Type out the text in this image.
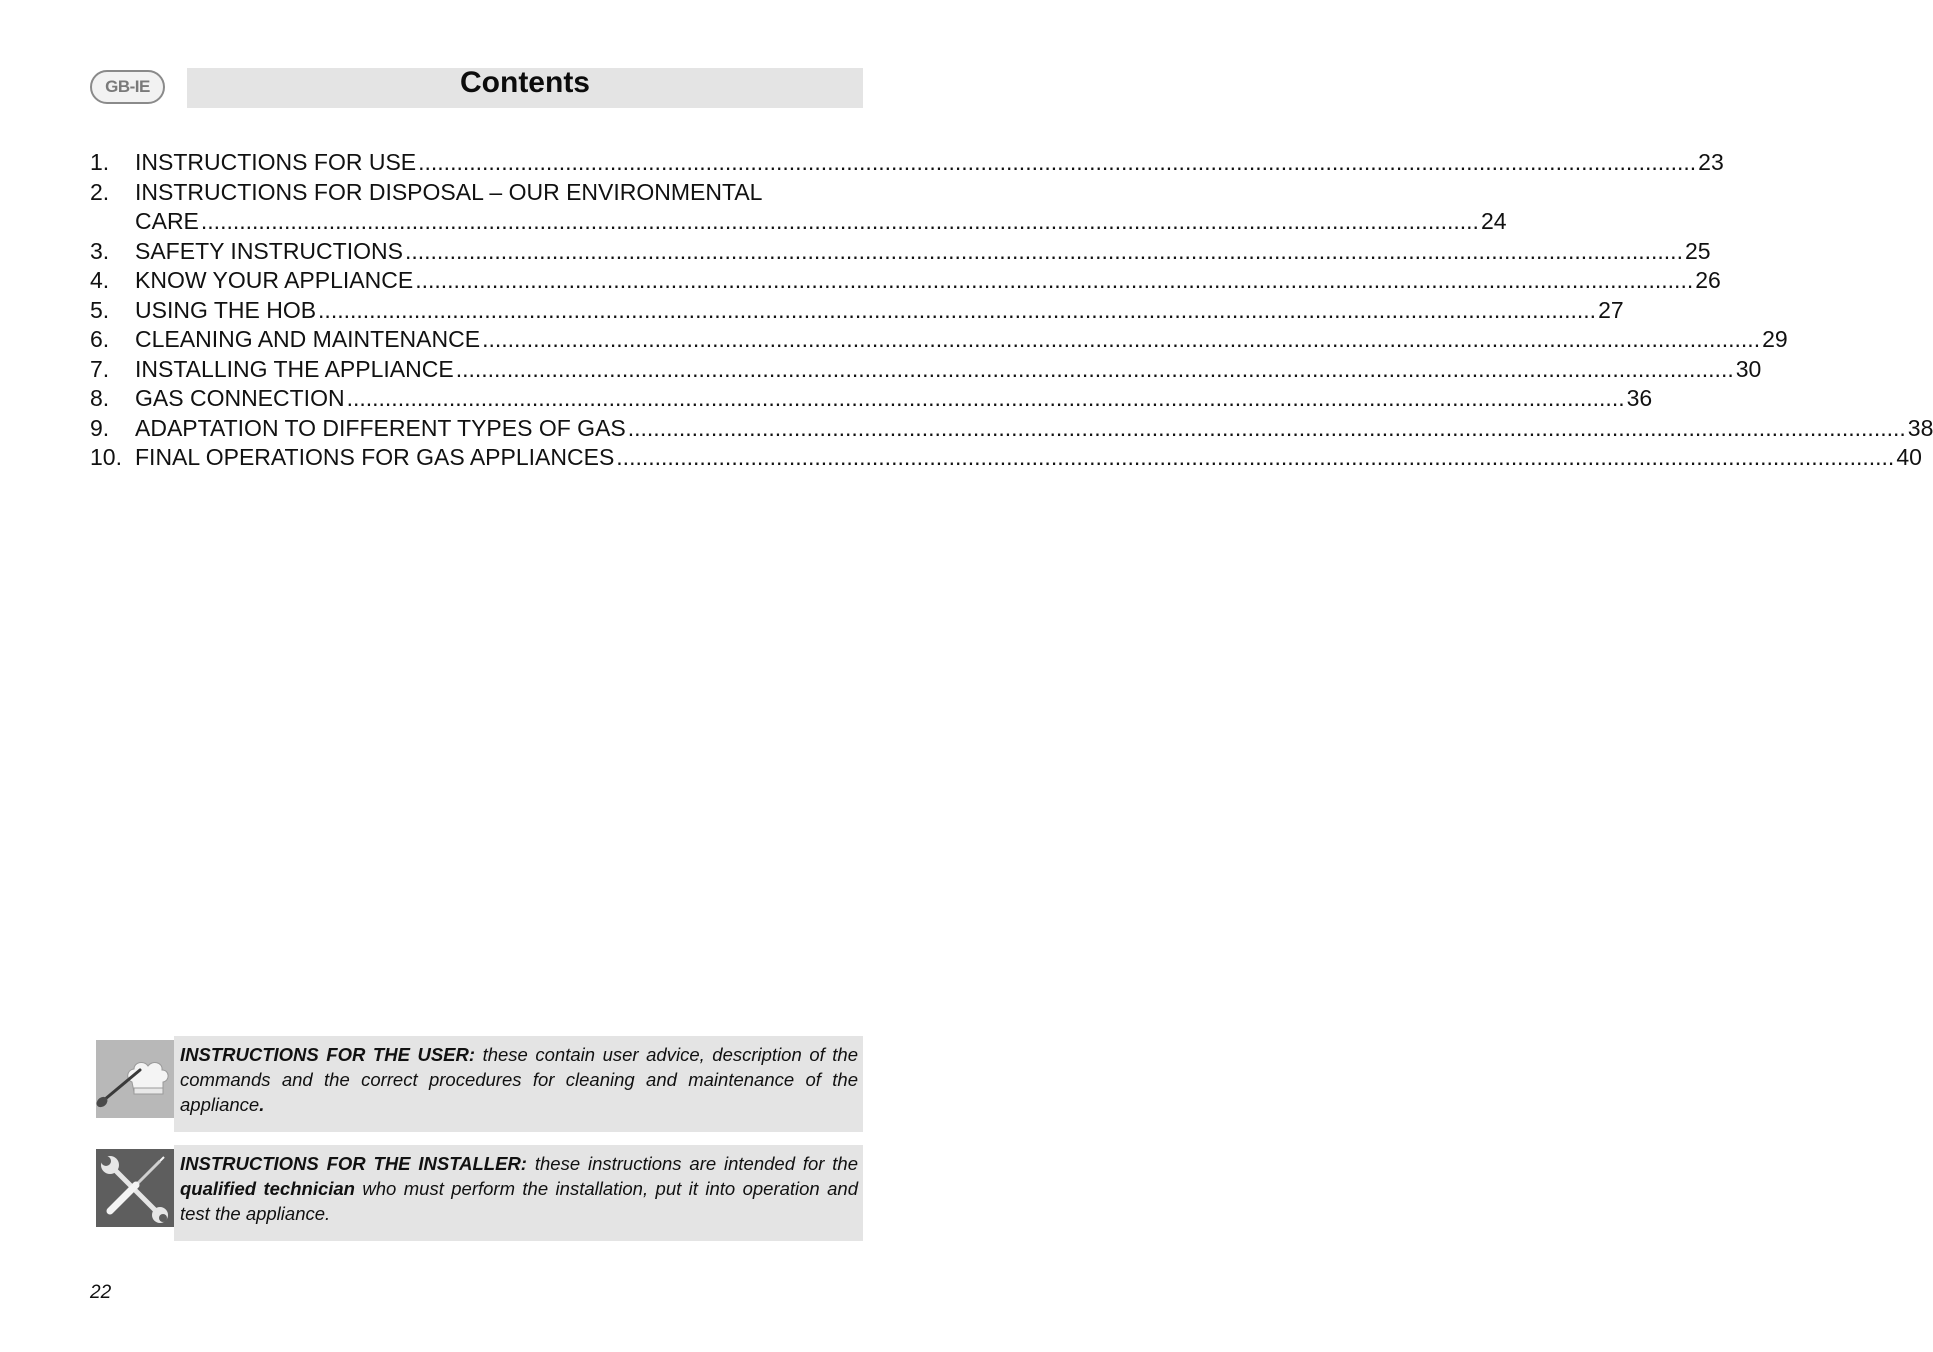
GB-IE	Contents
1.	INSTRUCTIONS FOR USE ........................................................................................................................................................................................................ 23
2.	INSTRUCTIONS FOR DISPOSAL – OUR ENVIRONMENTAL
CARE ........................................................................................................................................................................................................ 24
3.	SAFETY INSTRUCTIONS ........................................................................................................................................................................................................ 25
4.	KNOW YOUR APPLIANCE ........................................................................................................................................................................................................ 26
5.	USING THE HOB ........................................................................................................................................................................................................ 27
6.	CLEANING AND MAINTENANCE ........................................................................................................................................................................................................ 29
7.	INSTALLING THE APPLIANCE ........................................................................................................................................................................................................ 30
8.	GAS CONNECTION ........................................................................................................................................................................................................ 36
9.	ADAPTATION TO DIFFERENT TYPES OF GAS ........................................................................................................................................................................................................ 38
10. FINAL OPERATIONS FOR GAS APPLIANCES ........................................................................................................................................................................................................ 40
INSTRUCTIONS FOR THE USER: these contain user advice, description of the commands and the correct procedures for cleaning and maintenance of the appliance.
INSTRUCTIONS FOR THE INSTALLER: these instructions are intended for the qualified technician who must perform the installation, put it into operation and test the appliance.
22
